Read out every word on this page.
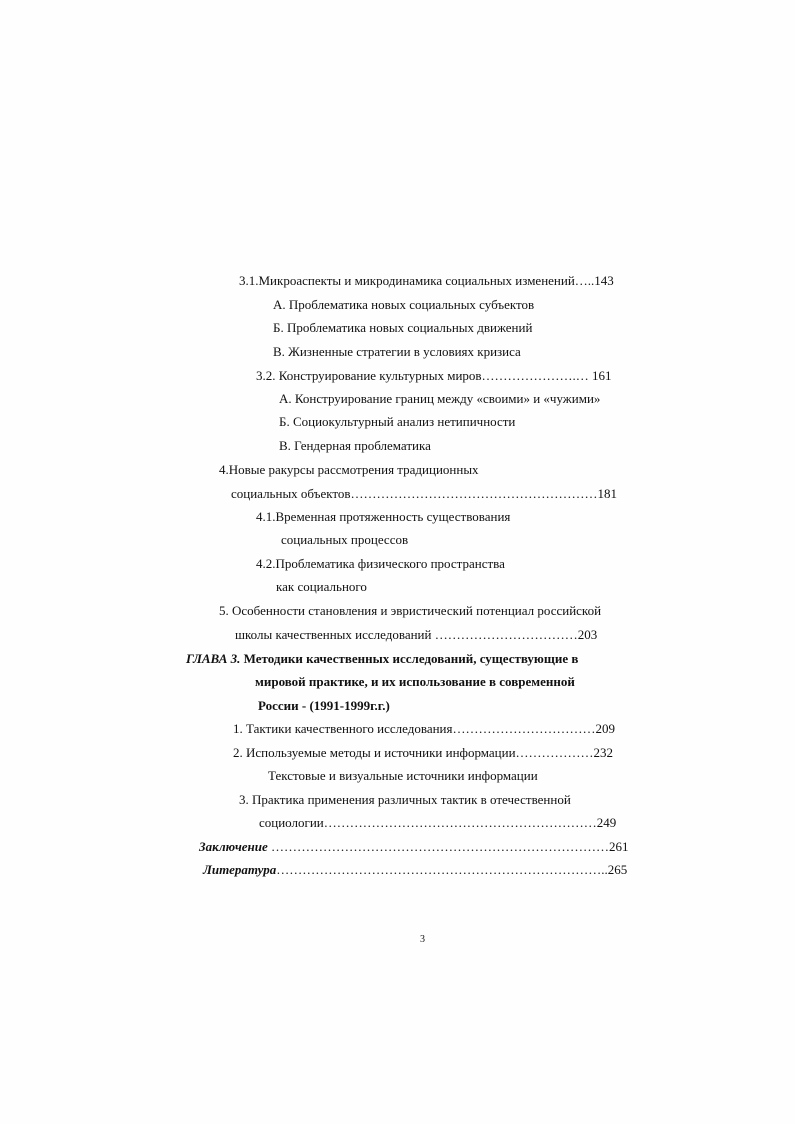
3.1.Микроаспекты и микродинамика социальных изменений…..143
А. Проблематика новых социальных субъектов
Б. Проблематика новых социальных движений
В. Жизненные стратегии в условиях кризиса
3.2. Конструирование культурных миров………………….… 161
А. Конструирование границ между «своими» и «чужими»
Б. Социокультурный анализ нетипичности
В. Гендерная проблематика
4.Новые ракурсы рассмотрения традиционных
социальных объектов…………………………………………………181
4.1.Временная протяженность существования
социальных процессов
4.2.Проблематика физического пространства
как социального
5. Особенности становления и эвристический потенциал российской
школы качественных исследований ……………………………203
ГЛАВА 3. Методики качественных исследований, существующие в
мировой практике, и их использование в современной
России - (1991-1999г.г.)
1. Тактики качественного исследования……………………………209
2. Используемые методы и источники информации………………232
Текстовые и визуальные источники информации
3. Практика применения различных тактик в отечественной
социологии………………………………………………………249
Заключение ……………………………………………………………………261
Литература…………………………………………………………………..265
3
